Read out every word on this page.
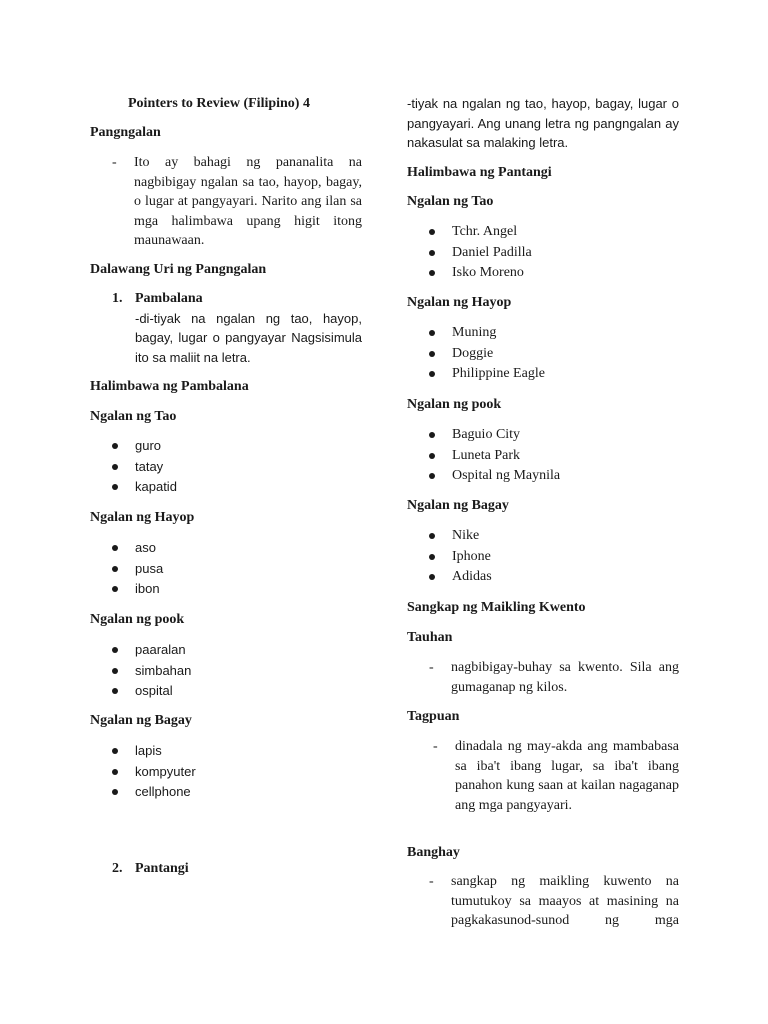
Pointers to Review (Filipino) 4
Pangngalan
-	Ito ay bahagi ng pananalita na nagbibigay ngalan sa tao, hayop, bagay, o lugar at pangyayari. Narito ang ilan sa mga halimbawa upang higit itong maunawaan.
Dalawang Uri ng Pangngalan
1. Pambalana
-di-tiyak na ngalan ng tao, hayop, bagay, lugar o pangyayar Nagsisimula ito sa maliit na letra.
Halimbawa ng Pambalana
Ngalan ng Tao
guro
tatay
kapatid
Ngalan ng Hayop
aso
pusa
ibon
Ngalan ng pook
paaralan
simbahan
ospital
Ngalan ng Bagay
lapis
kompyuter
cellphone
2. Pantangi
-tiyak na ngalan ng tao, hayop, bagay, lugar o pangyayari. Ang unang letra ng pangngalan ay nakasulat sa malaking letra.
Halimbawa ng Pantangi
Ngalan ng Tao
Tchr. Angel
Daniel Padilla
Isko Moreno
Ngalan ng Hayop
Muning
Doggie
Philippine Eagle
Ngalan ng pook
Baguio City
Luneta Park
Ospital ng Maynila
Ngalan ng Bagay
Nike
Iphone
Adidas
Sangkap ng Maikling Kwento
Tauhan
-	nagbibigay-buhay sa kwento. Sila ang gumaganap ng kilos.
Tagpuan
-	dinadala ng may-akda ang mambabasa sa iba't ibang lugar, sa iba't ibang panahon kung saan at kailan nagaganap ang mga pangyayari.
Banghay
-	sangkap ng maikling kuwento na tumutukoy sa maayos at masining na pagkakasunod-sunod ng mga
